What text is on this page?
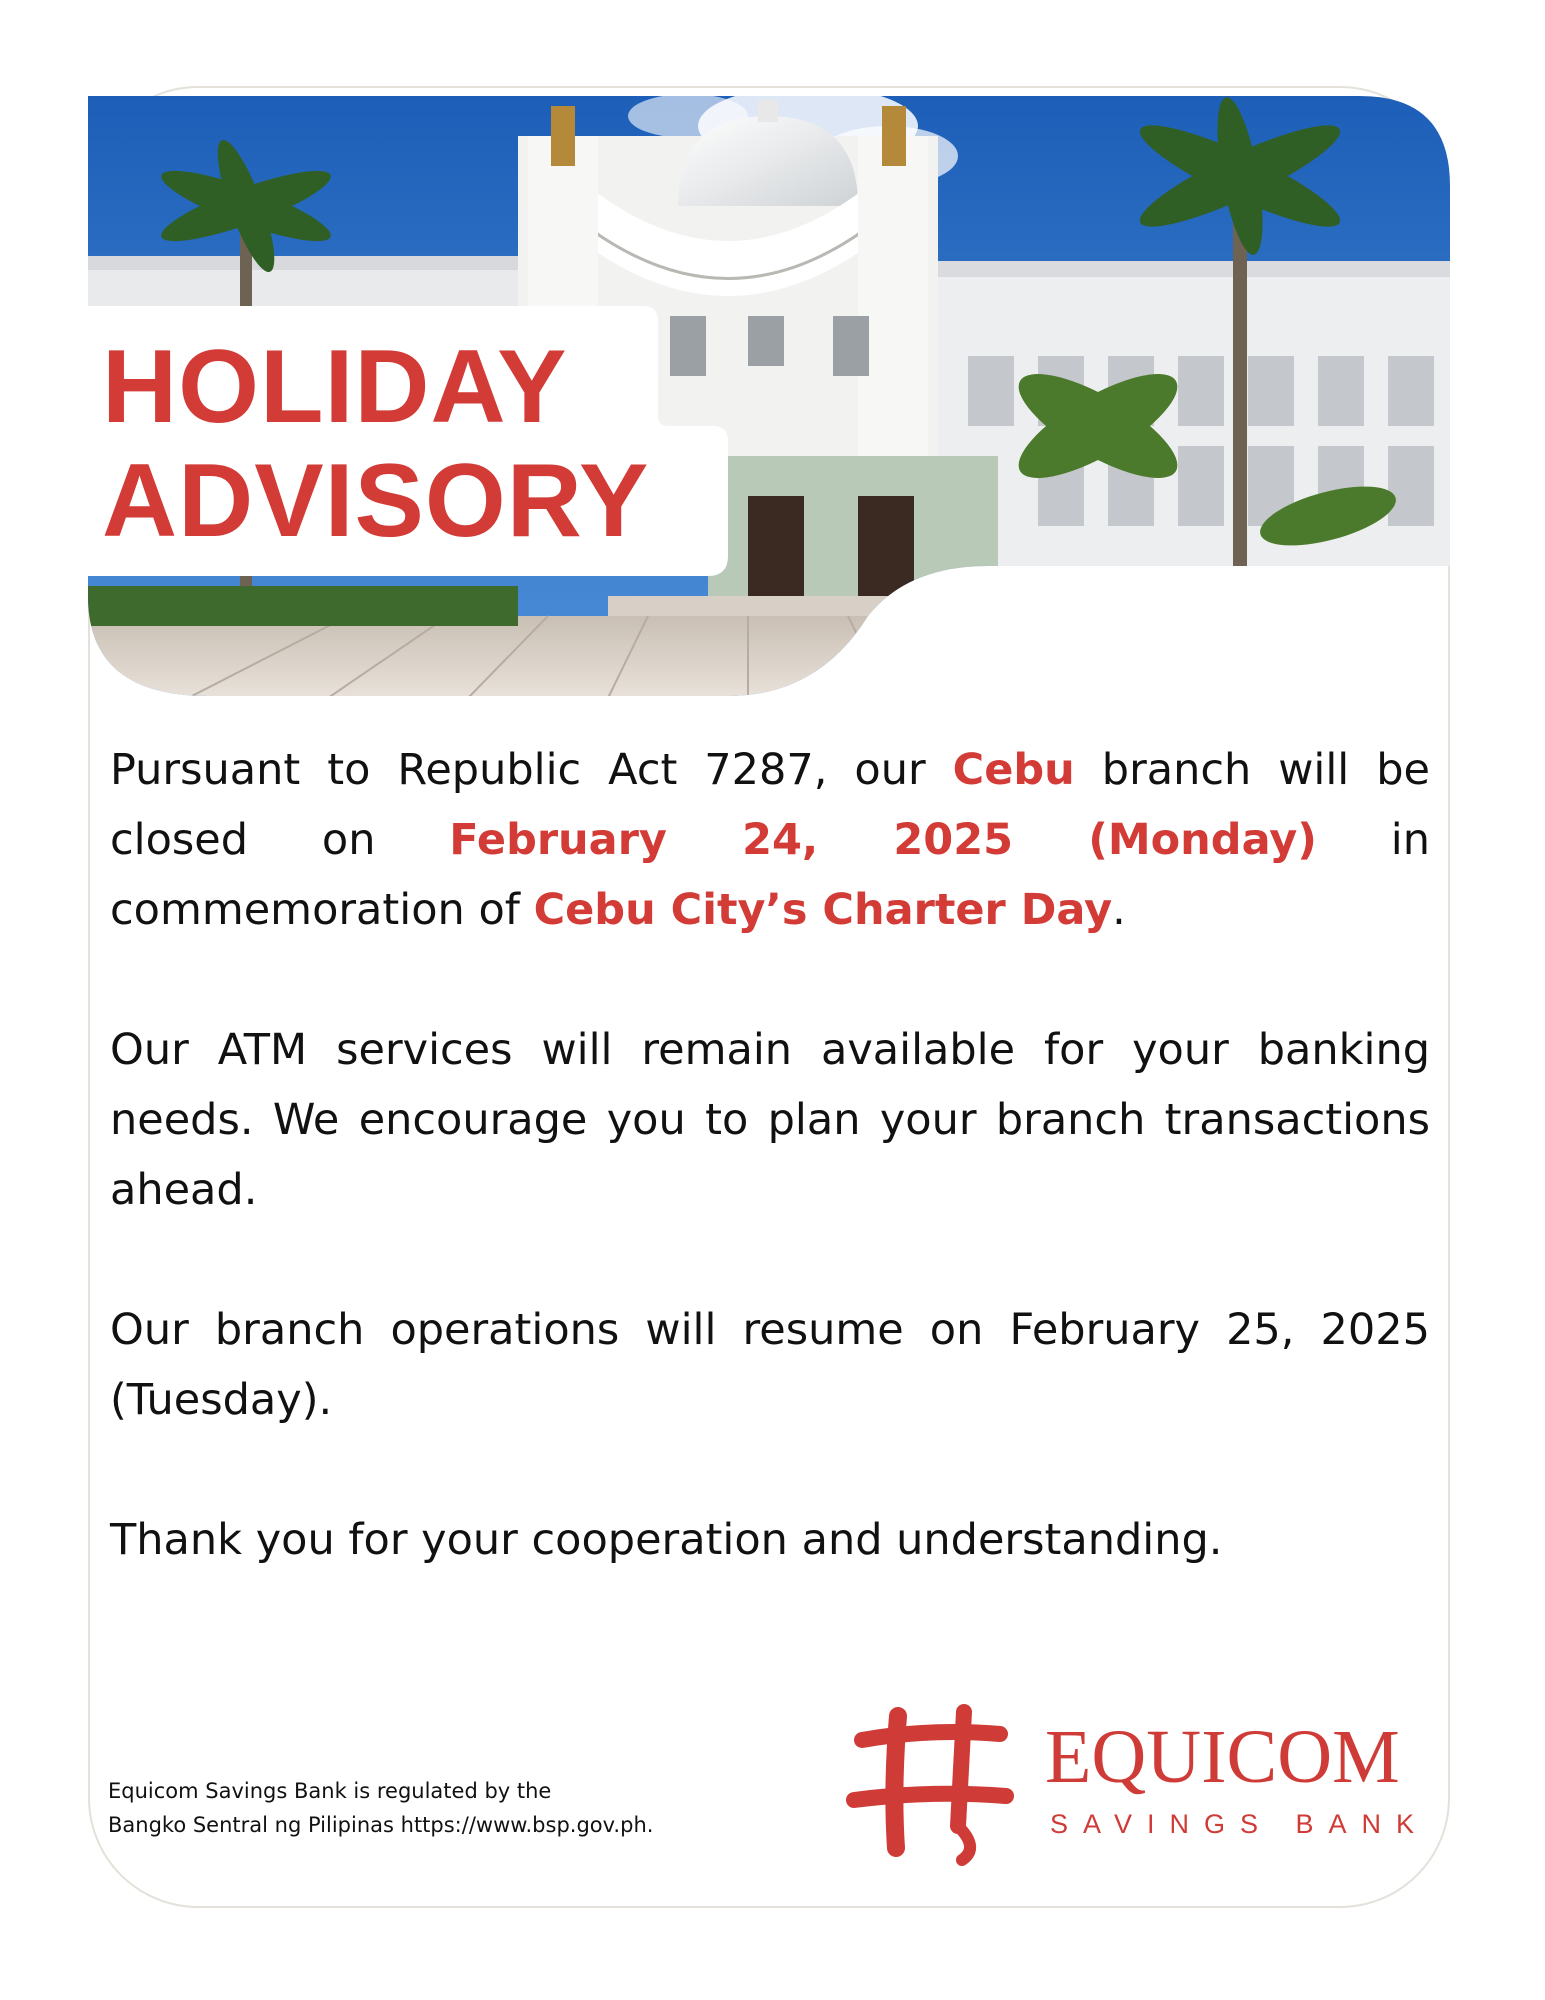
HOLIDAY
ADVISORY

Pursuant to Republic Act 7287, our Cebu branch will be closed on February 24, 2025 (Monday) in commemoration of Cebu City’s Charter Day.

Our ATM services will remain available for your banking needs. We encourage you to plan your branch transactions ahead.

Our branch operations will resume on February 25, 2025 (Tuesday).

Thank you for your cooperation and understanding.

Equicom Savings Bank is regulated by the
Bangko Sentral ng Pilipinas https://www.bsp.gov.ph.
EQUICOM
SAVINGS BANK
